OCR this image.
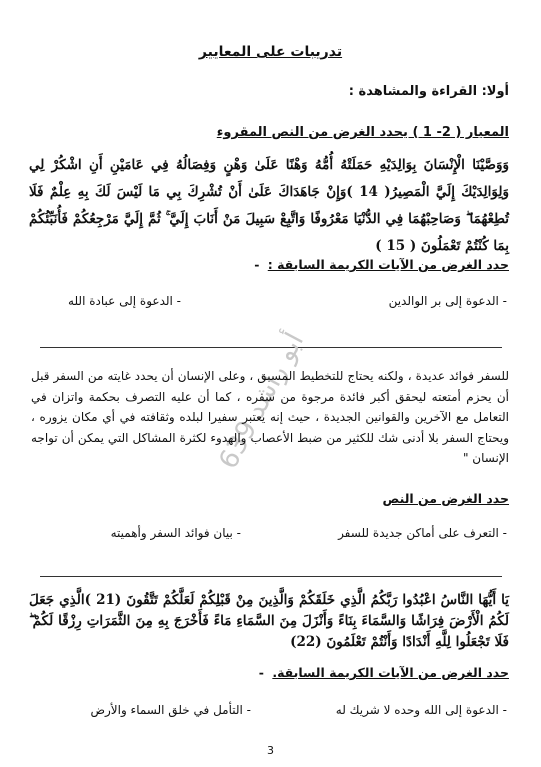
تدريبات على المعايير
أولا: القراءة والمشاهدة :
المعيار ( 2- 1 ) يحدد الغرض من النص المقروء
وَوَصَّيْنَا الْإِنْسَانَ بِوَالِدَيْهِ حَمَلَتْهُ أُمُّهُ وَهْنًا عَلَىٰ وَهْنٍ وَفِصَالُهُ فِي عَامَيْنِ أَنِ اشْكُرْ لِي وَلِوَالِدَيْكَ إِلَيَّ الْمَصِيرُ( 14 )وَإِنْ جَاهَدَاكَ عَلَىٰ أَنْ تُشْرِكَ بِي مَا لَيْسَ لَكَ بِهِ عِلْمٌ فَلَا تُطِعْهُمَا ۖ وَصَاحِبْهُمَا فِي الدُّنْيَا مَعْرُوفًا وَاتَّبِعْ سَبِيلَ مَنْ أَنَابَ إِلَيَّ ۚ ثُمَّ إِلَيَّ مَرْجِعُكُمْ فَأُنَبِّئُكُمْ بِمَا كُنْتُمْ تَعْمَلُونَ ( 15 )
حدد الغرض من الآيات الكريمة السابقة : -
- الدعوة إلى بر الوالدين
- الدعوة إلى عبادة الله
أبو راشد 639
للسفر فوائد عديدة ، ولكنه يحتاج للتخطيط المسبق ، وعلى الإنسان أن يحدد غايته من السفر قبل أن يحزم أمتعته ليحقق أكبر فائدة مرجوة من سفره ، كما أن عليه التصرف بحكمة واتزان في التعامل مع الآخرين والقوانين الجديدة ، حيث إنه يعتبر سفيرا لبلده وثقافته في أي مكان يزوره ، ويحتاج السفر بلا أدنى شك للكثير من ضبط الأعصاب والهدوء لكثرة المشاكل التي يمكن أن تواجه الإنسان "
حدد الغرض من النص
- التعرف على أماكن جديدة للسفر
- بيان فوائد السفر وأهميته
يَا أَيُّهَا النَّاسُ اعْبُدُوا رَبَّكُمُ الَّذِي خَلَقَكُمْ وَالَّذِينَ مِنْ قَبْلِكُمْ لَعَلَّكُمْ تَتَّقُونَ (21 )الَّذِي جَعَلَ لَكُمُ الْأَرْضَ فِرَاشًا وَالسَّمَاءَ بِنَاءً وَأَنْزَلَ مِنَ السَّمَاءِ مَاءً فَأَخْرَجَ بِهِ مِنَ الثَّمَرَاتِ رِزْقًا لَكُمْ ۖ فَلَا تَجْعَلُوا لِلَّهِ أَنْدَادًا وَأَنْتُمْ تَعْلَمُونَ (22)
حدد الغرض من الآيات الكريمة السابقة. -
- الدعوة إلى الله وحده لا شريك له
- التأمل في خلق السماء والأرض
3
